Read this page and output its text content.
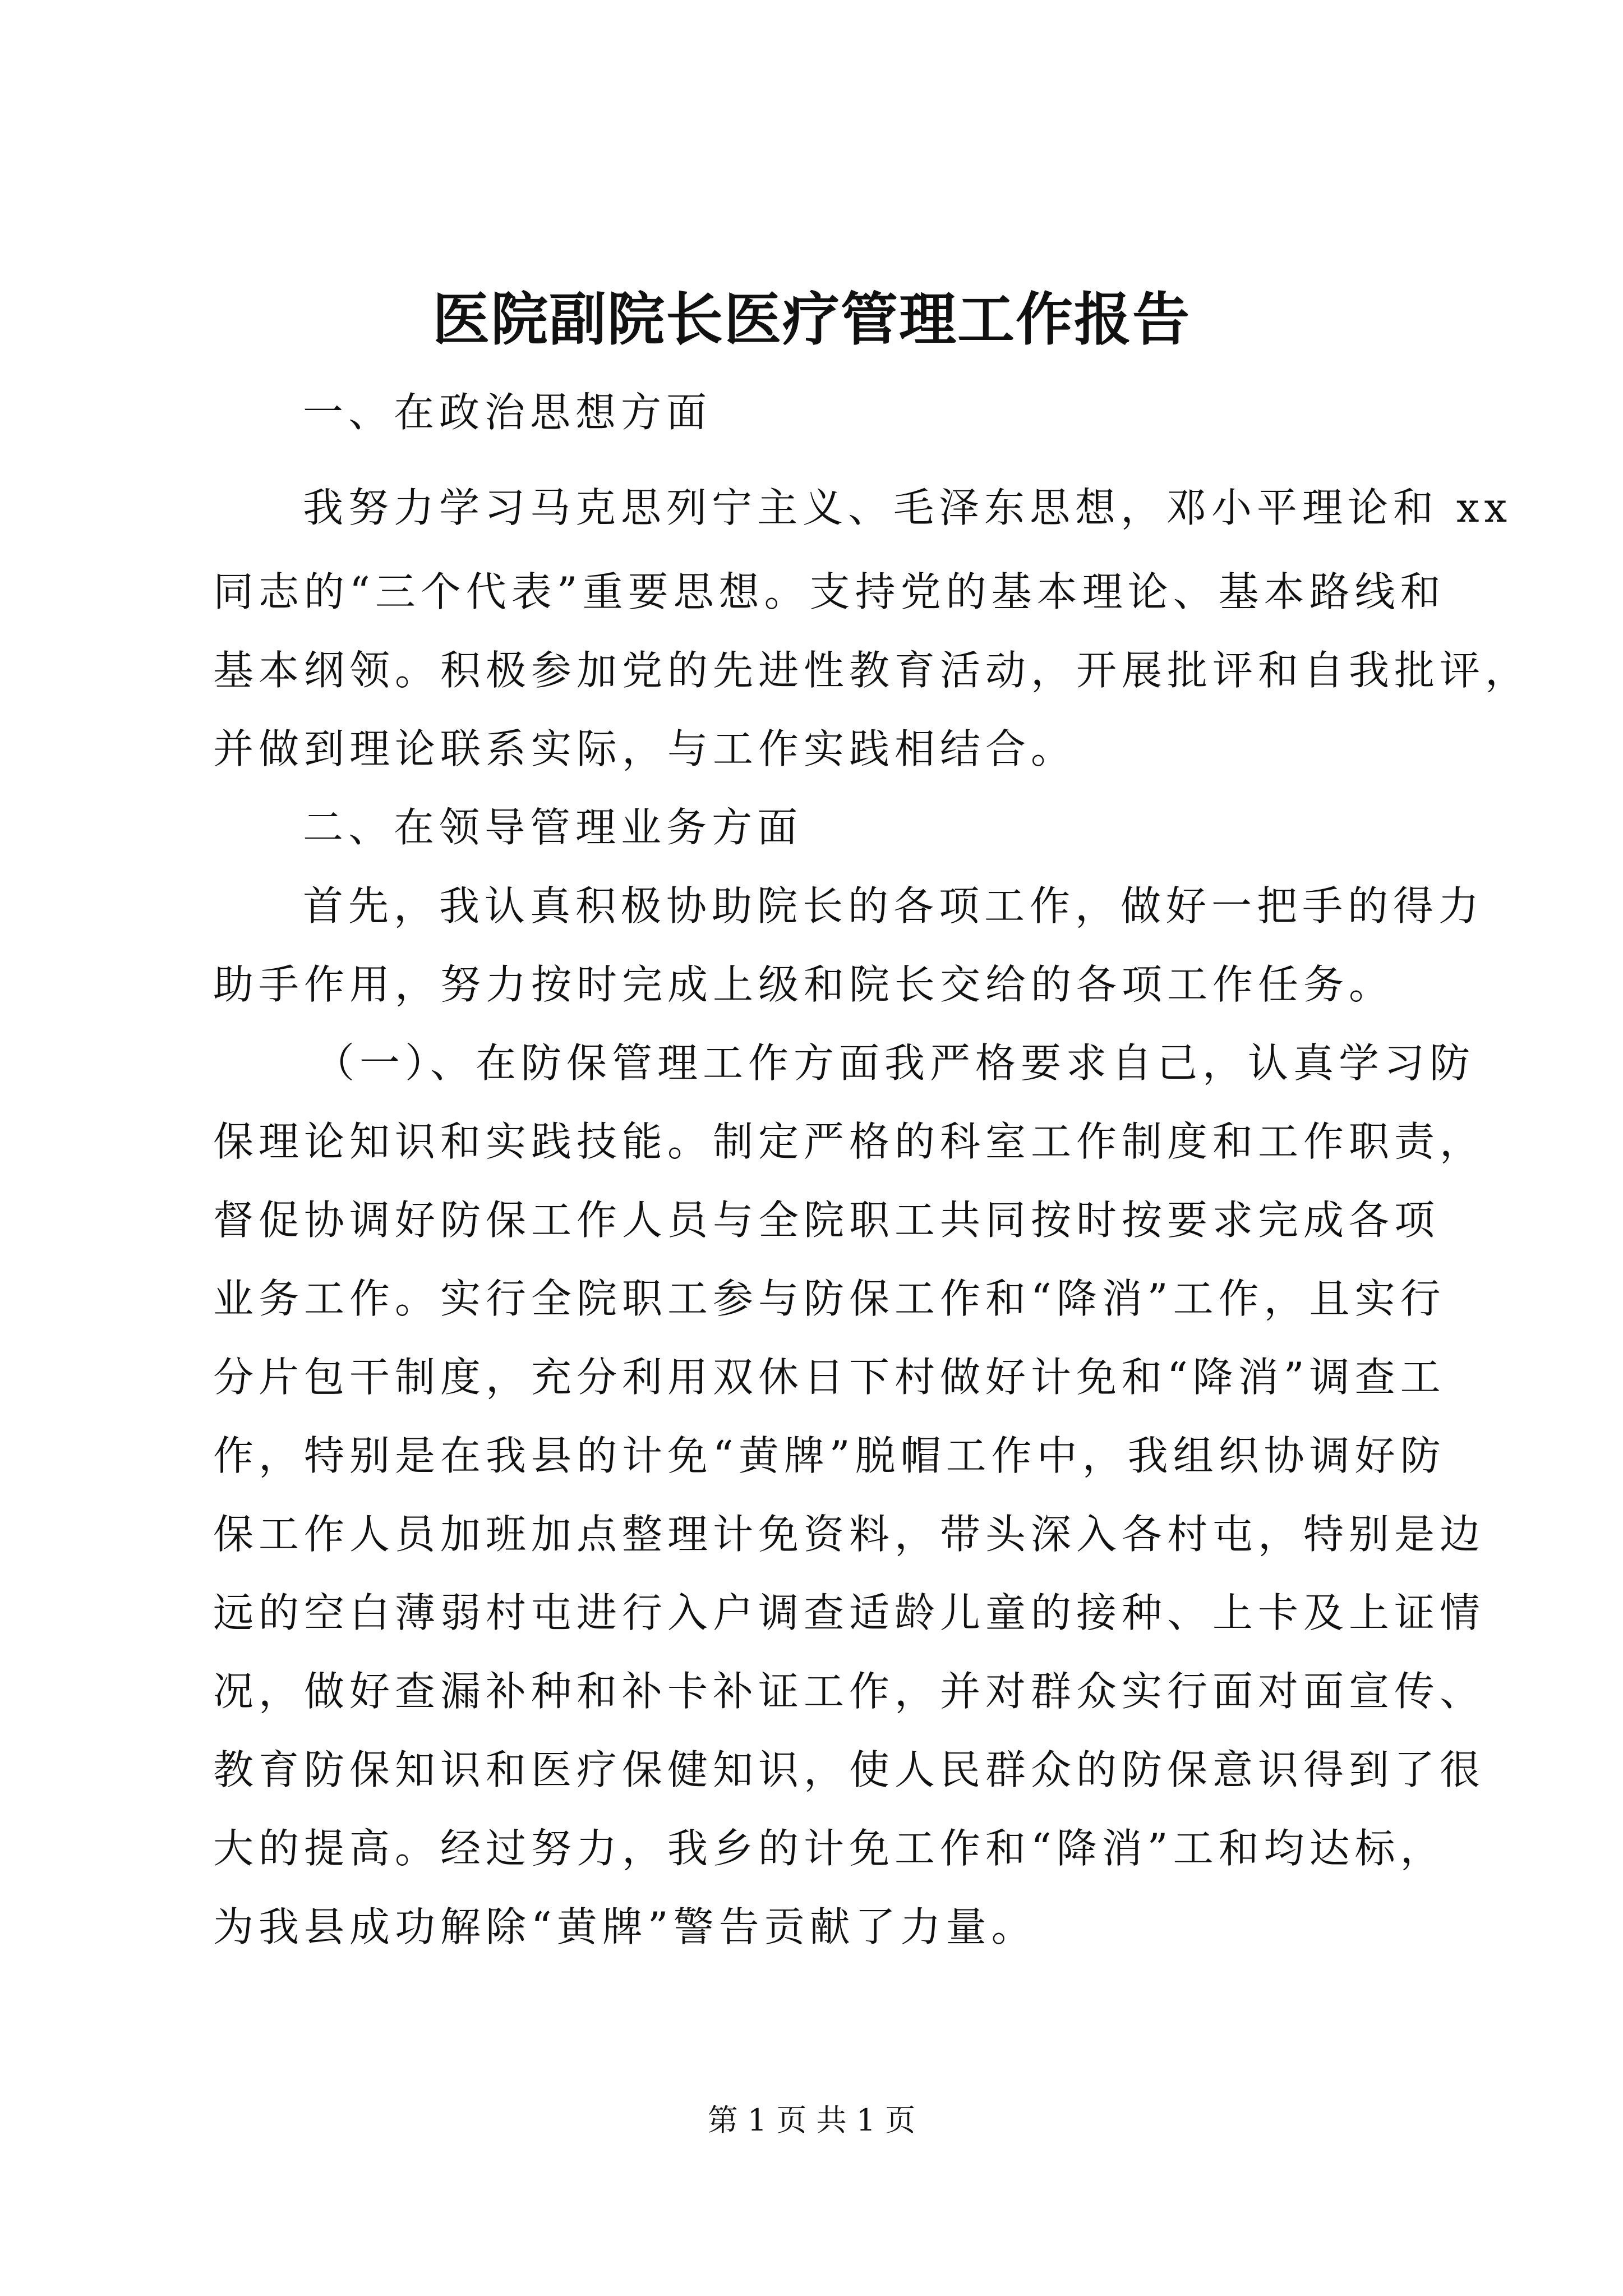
医院副院长医疗管理工作报告

一、在政治思想方面

我努力学习马克思列宁主义、毛泽东思想，邓小平理论和 xx

同志的“三个代表”重要思想。支持党的基本理论、基本路线和

基本纲领。积极参加党的先进性教育活动，开展批评和自我批评，

并做到理论联系实际，与工作实践相结合。

二、在领导管理业务方面

首先，我认真积极协助院长的各项工作，做好一把手的得力

助手作用，努力按时完成上级和院长交给的各项工作任务。

（一）、在防保管理工作方面我严格要求自己，认真学习防

保理论知识和实践技能。制定严格的科室工作制度和工作职责，

督促协调好防保工作人员与全院职工共同按时按要求完成各项

业务工作。实行全院职工参与防保工作和“降消”工作，且实行

分片包干制度，充分利用双休日下村做好计免和“降消”调查工

作，特别是在我县的计免“黄牌”脱帽工作中，我组织协调好防

保工作人员加班加点整理计免资料，带头深入各村屯，特别是边

远的空白薄弱村屯进行入户调查适龄儿童的接种、上卡及上证情

况，做好查漏补种和补卡补证工作，并对群众实行面对面宣传、

教育防保知识和医疗保健知识，使人民群众的防保意识得到了很

大的提高。经过努力，我乡的计免工作和“降消”工和均达标，

为我县成功解除“黄牌”警告贡献了力量。

第 1 页 共 1 页
